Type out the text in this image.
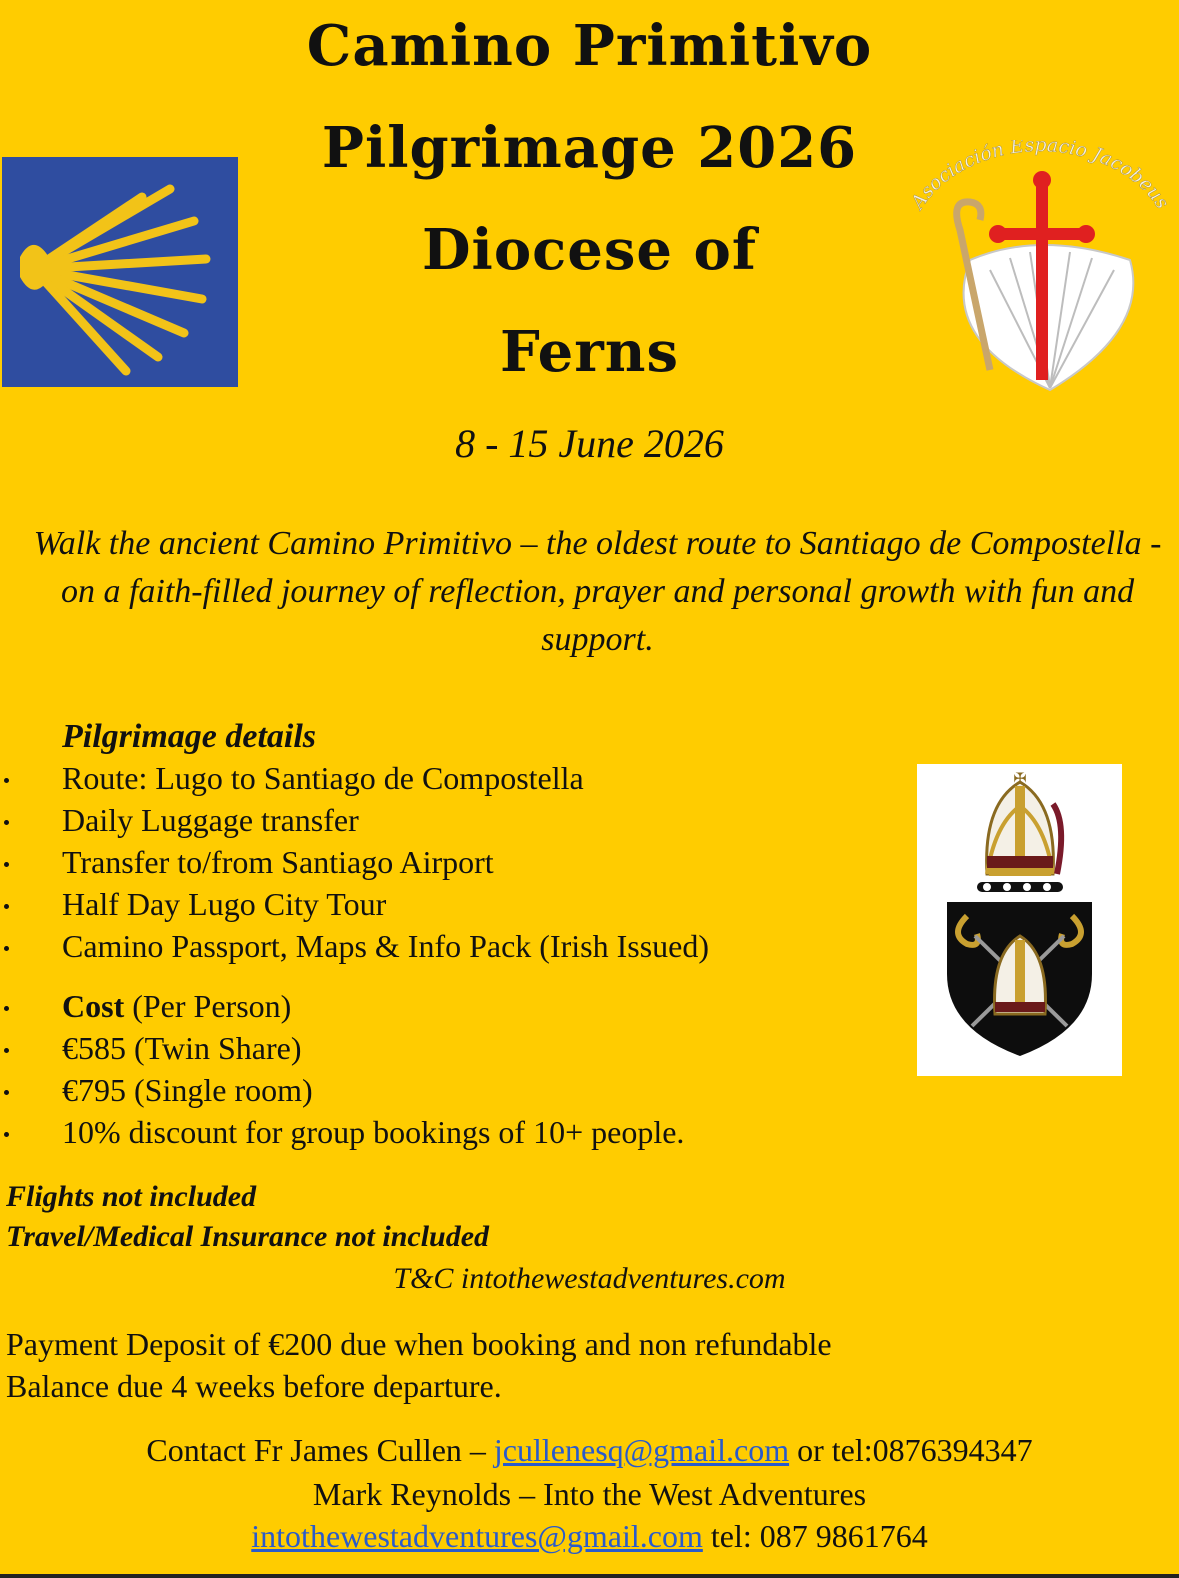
Camino Primitivo
Pilgrimage 2026
Diocese of
Ferns
Asociación Espacio Jacobeus
8 - 15 June 2026
Walk the ancient Camino Primitivo – the oldest route to Santiago de Compostella - on a faith-filled journey of reflection, prayer and personal growth with fun and support.
Pilgrimage details
Route: Lugo to Santiago de Compostella
Daily Luggage transfer
Transfer to/from Santiago Airport
Half Day Lugo City Tour
Camino Passport, Maps & Info Pack (Irish Issued)
Cost (Per Person)
€585 (Twin Share)
€795 (Single room)
10% discount for group bookings of 10+ people.
✠
Flights not included
Travel/Medical Insurance not included
T&C intothewestadventures.com
Payment Deposit of €200 due when booking and non refundable
Balance due 4 weeks before departure.
Contact Fr James Cullen – jcullenesq@gmail.com or tel:0876394347
Mark Reynolds – Into the West Adventures
intothewestadventures@gmail.com tel: 087 9861764
